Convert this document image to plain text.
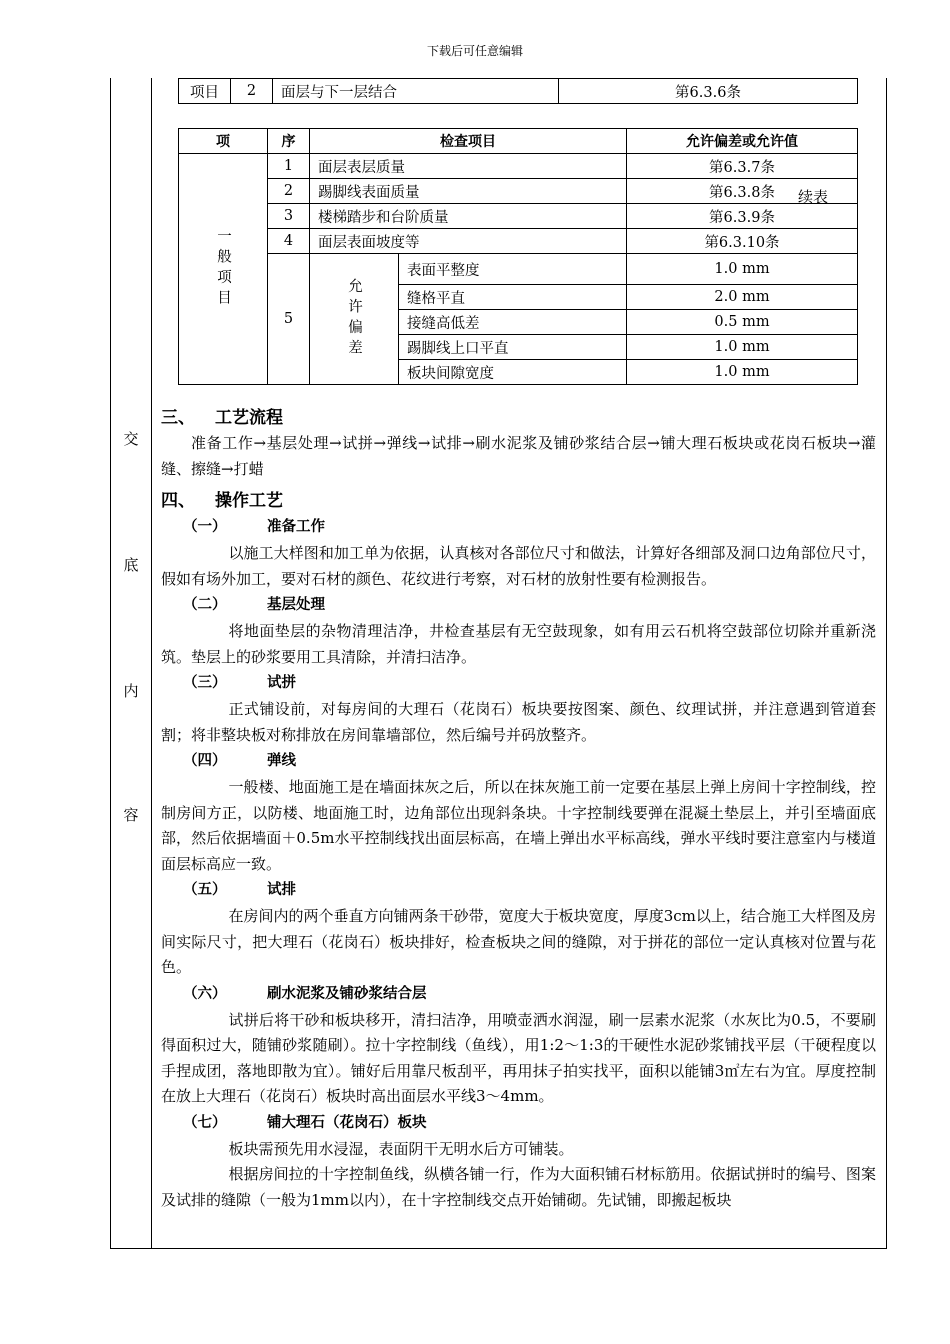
下载后可任意编辑
交
底
内
容
项目	2	面层与下一层结合	第6.3.6条
续表
项	序	检查项目		允许偏差或允许值

一般项目	1	面层表层质量		第6.3.7条
	2	踢脚线表面质量		第6.3.8条
	3	楼梯踏步和台阶质量		第6.3.9条
	4	面层表面坡度等		第6.3.10条
	5	允许偏差	表面平整度	1.0 mm
			缝格平直	2.0 mm
			接缝高低差	0.5 mm
			踢脚线上口平直	1.0 mm
			板块间隙宽度	1.0 mm
三、 工艺流程

准备工作→基层处理→试拼→弹线→试排→刷水泥浆及铺砂浆结合层→铺大理石板块或花岗石板块→灌缝、擦缝→打蜡

四、 操作工艺
（一）	准备工作

以施工大样图和加工单为依据，认真核对各部位尺寸和做法，计算好各细部及洞口边角部位尺寸，假如有场外加工，要对石材的颜色、花纹进行考察，对石材的放射性要有检测报告。

（二）	基层处理

将地面垫层的杂物清理洁净，井检查基层有无空鼓现象，如有用云石机将空鼓部位切除并重新浇筑。垫层上的砂浆要用工具清除，并清扫洁净。

（三）	试拼

正式铺设前，对每房间的大理石（花岗石）板块要按图案、颜色、纹理试拼，并注意遇到管道套割；将非整块板对称排放在房间靠墙部位，然后编号并码放整齐。

（四）	弹线

一般楼、地面施工是在墙面抹灰之后，所以在抹灰施工前一定要在基层上弹上房间十字控制线，控制房间方正，以防楼、地面施工时，边角部位出现斜条块。十字控制线要弹在混凝土垫层上，并引至墙面底部，然后依据墙面＋0.5m水平控制线找出面层标高，在墙上弹出水平标高线，弹水平线时要注意室内与楼道面层标高应一致。

（五）	试排

在房间内的两个垂直方向铺两条干砂带，宽度大于板块宽度，厚度3cm以上，结合施工大样图及房间实际尺寸，把大理石（花岗石）板块排好，检查板块之间的缝隙，对于拼花的部位一定认真核对位置与花色。

（六）	刷水泥浆及铺砂浆结合层

试拼后将干砂和板块移开，清扫洁净，用喷壶洒水润湿，刷一层素水泥浆（水灰比为0.5，不要刷得面积过大，随铺砂浆随刷）。拉十字控制线（鱼线），用1:2～1:3的干硬性水泥砂浆铺找平层（干硬程度以手捏成团，落地即散为宜）。铺好后用靠尺板刮平，再用抹子拍实找平，面积以能铺3㎡左右为宜。厚度控制在放上大理石（花岗石）板块时高出面层水平线3～4mm。

（七）	铺大理石（花岗石）板块

板块需预先用水浸湿，表面阴干无明水后方可铺装。

根据房间拉的十字控制鱼线，纵横各铺一行，作为大面积铺石材标筋用。依据试拼时的编号、图案及试排的缝隙（一般为1mm以内），在十字控制线交点开始铺砌。先试铺，即搬起板块
